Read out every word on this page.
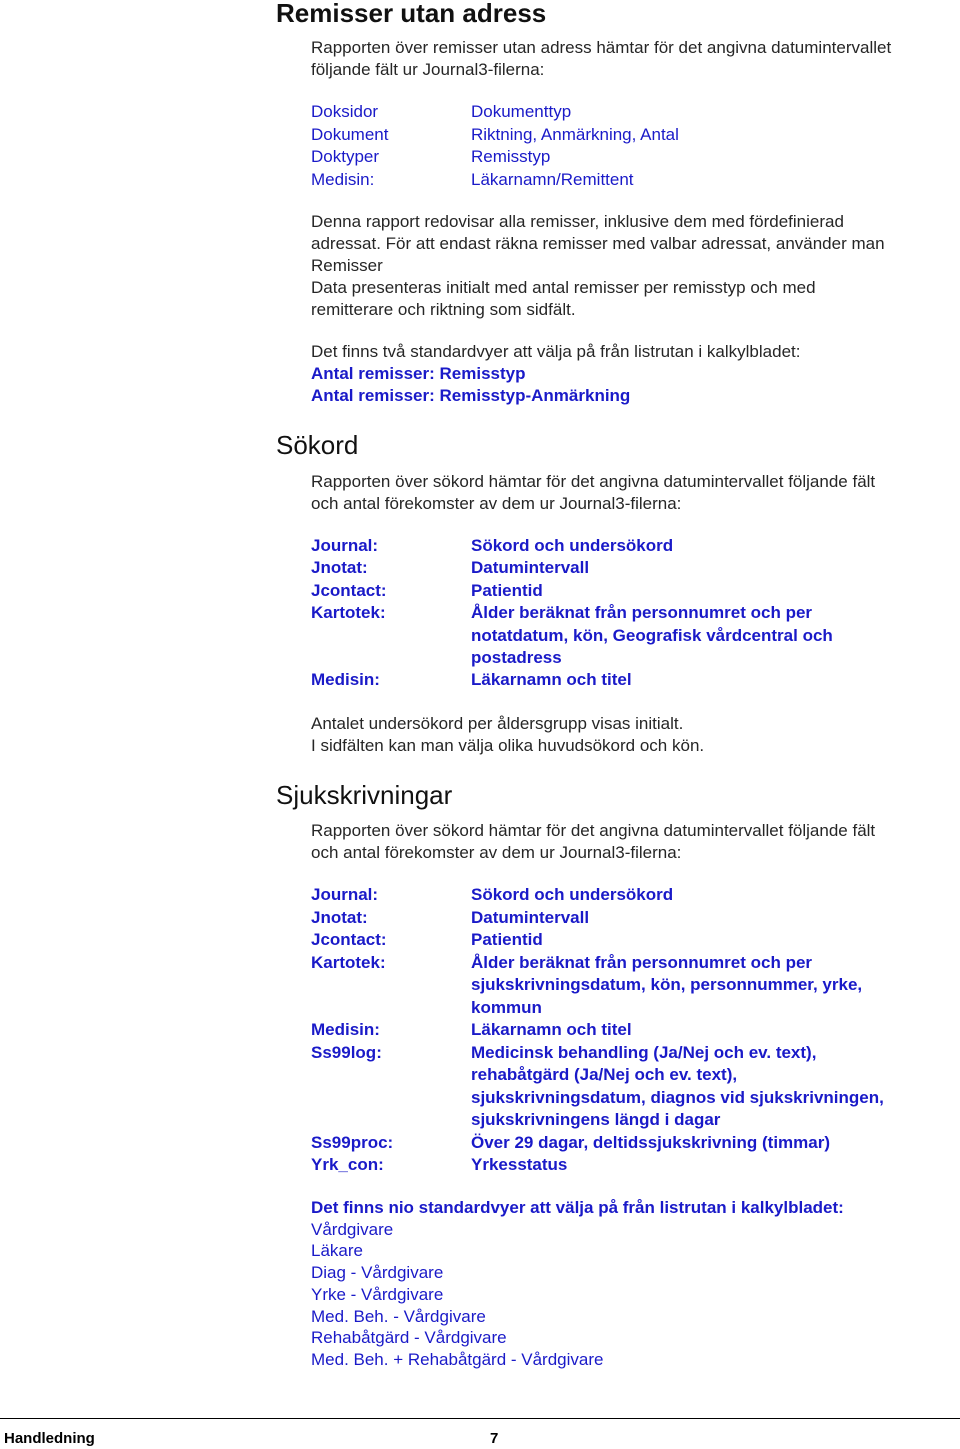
Remisser utan adress
Rapporten över remisser utan adress hämtar för det angivna datumintervallet
följande fält ur Journal3-filerna:
Doksidor	Dokumenttyp
Dokument	Riktning, Anmärkning, Antal
Doktyper	Remisstyp
Medisin:	Läkarnamn/Remittent
Denna rapport redovisar alla remisser, inklusive dem med fördefinierad
adressat. För att endast räkna remisser med valbar adressat, använder man
Remisser
Data presenteras initialt med antal remisser per remisstyp och med
remitterare och riktning som sidfält.
Det finns två standardvyer att välja på från listrutan i kalkylbladet:
Antal remisser: Remisstyp
Antal remisser: Remisstyp-Anmärkning
Sökord
Rapporten över sökord hämtar för det angivna datumintervallet följande fält
och antal förekomster av dem ur Journal3-filerna:
Journal:	Sökord och undersökord
Jnotat:	Datumintervall
Jcontact:	Patientid
Kartotek:	Ålder beräknat från personnumret och per
notatdatum, kön, Geografisk vårdcentral och
postadress
Medisin:	Läkarnamn och titel
Antalet undersökord per åldersgrupp visas initialt.
I sidfälten kan man välja olika huvudsökord och kön.
Sjukskrivningar
Rapporten över sökord hämtar för det angivna datumintervallet följande fält
och antal förekomster av dem ur Journal3-filerna:
Journal:	Sökord och undersökord
Jnotat:	Datumintervall
Jcontact:	Patientid
Kartotek:	Ålder beräknat från personnumret och per
sjukskrivningsdatum, kön, personnummer, yrke,
kommun
Medisin:	Läkarnamn och titel
Ss99log:	Medicinsk behandling (Ja/Nej och ev. text),
rehabåtgärd (Ja/Nej och ev. text),
sjukskrivningsdatum, diagnos vid sjukskrivningen,
sjukskrivningens längd i dagar
Ss99proc:	Över 29 dagar, deltidssjukskrivning (timmar)
Yrk_con:	Yrkesstatus
Det finns nio standardvyer att välja på från listrutan i kalkylbladet:
Vårdgivare
Läkare
Diag - Vårdgivare
Yrke - Vårdgivare
Med. Beh. - Vårdgivare
Rehabåtgärd - Vårdgivare
Med. Beh. + Rehabåtgärd - Vårdgivare
Handledning	7
